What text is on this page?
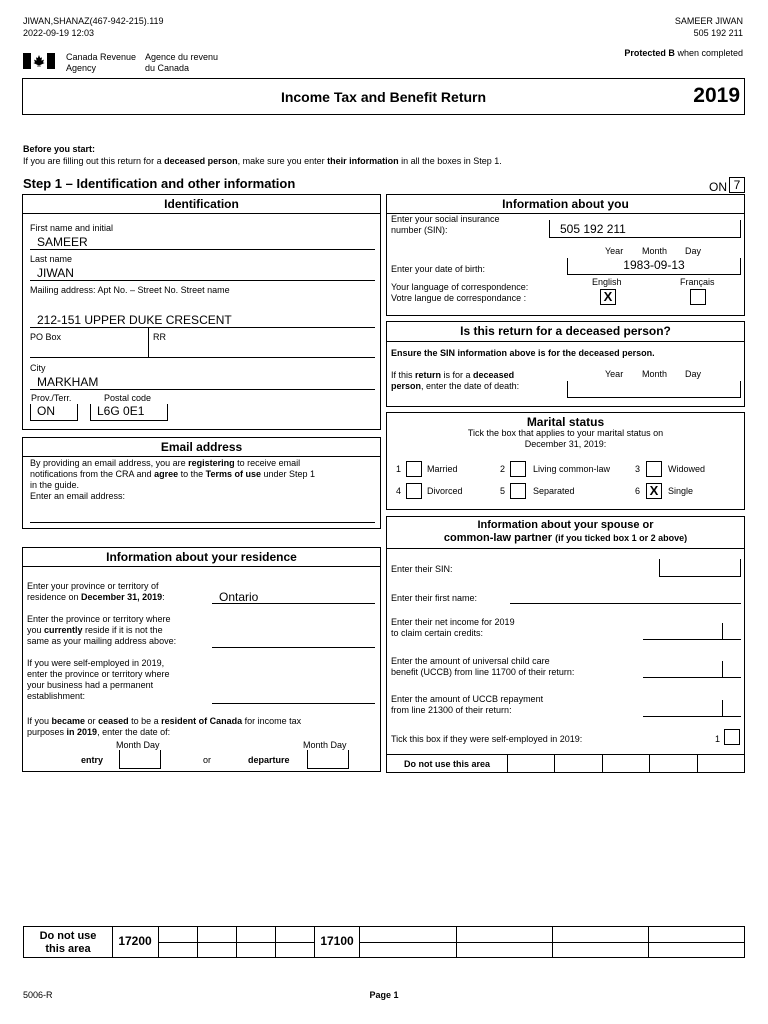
JIWAN,SHANAZ(467-942-215).119
2022-09-19 12:03
SAMEER JIWAN
505 192 211
Canada Revenue
Agency
Agence du revenu
du Canada
Protected B when completed
Income Tax and Benefit Return	2019
Before you start:
If you are filling out this return for a deceased person, make sure you enter their information in all the boxes in Step 1.
Step 1 – Identification and other information	ON 7
Identification
First name and initial
SAMEER
Last name
JIWAN
Mailing address: Apt No. – Street No. Street name
212-151 UPPER DUKE CRESCENT
PO Box	RR
City
MARKHAM
Prov./Terr.	Postal code
ON	L6G 0E1
Email address
By providing an email address, you are registering to receive email
notifications from the CRA and agree to the Terms of use under Step 1
in the guide.
Enter an email address:
Information about your residence
Enter your province or territory of
residence on December 31, 2019:	Ontario
Enter the province or territory where
you currently reside if it is not the
same as your mailing address above:
If you were self-employed in 2019,
enter the province or territory where
your business had a permanent
establishment:
If you became or ceased to be a resident of Canada for income tax
purposes in 2019, enter the date of:
Month Day	Month Day
entry	or	departure
Information about you
Enter your social insurance
number (SIN):	505 192 211
Year Month Day
Enter your date of birth:	1983-09-13
English	Français
Your language of correspondence:
Votre langue de correspondance :	X
Is this return for a deceased person?
Ensure the SIN information above is for the deceased person.
Year Month Day
If this return is for a deceased
person, enter the date of death:
Marital status
Tick the box that applies to your marital status on
December 31, 2019:
1	Married	2	Living common-law	3	Widowed
4	Divorced	5	Separated	6 X	Single
Information about your spouse or
common-law partner (if you ticked box 1 or 2 above)
Enter their SIN:
Enter their first name:
Enter their net income for 2019
to claim certain credits:
Enter the amount of universal child care
benefit (UCCB) from line 11700 of their return:
Enter the amount of UCCB repayment
from line 21300 of their return:
Tick this box if they were self-employed in 2019:	1
Do not use this area
Do not use
this area
17200	17100
5006-R	Page 1
